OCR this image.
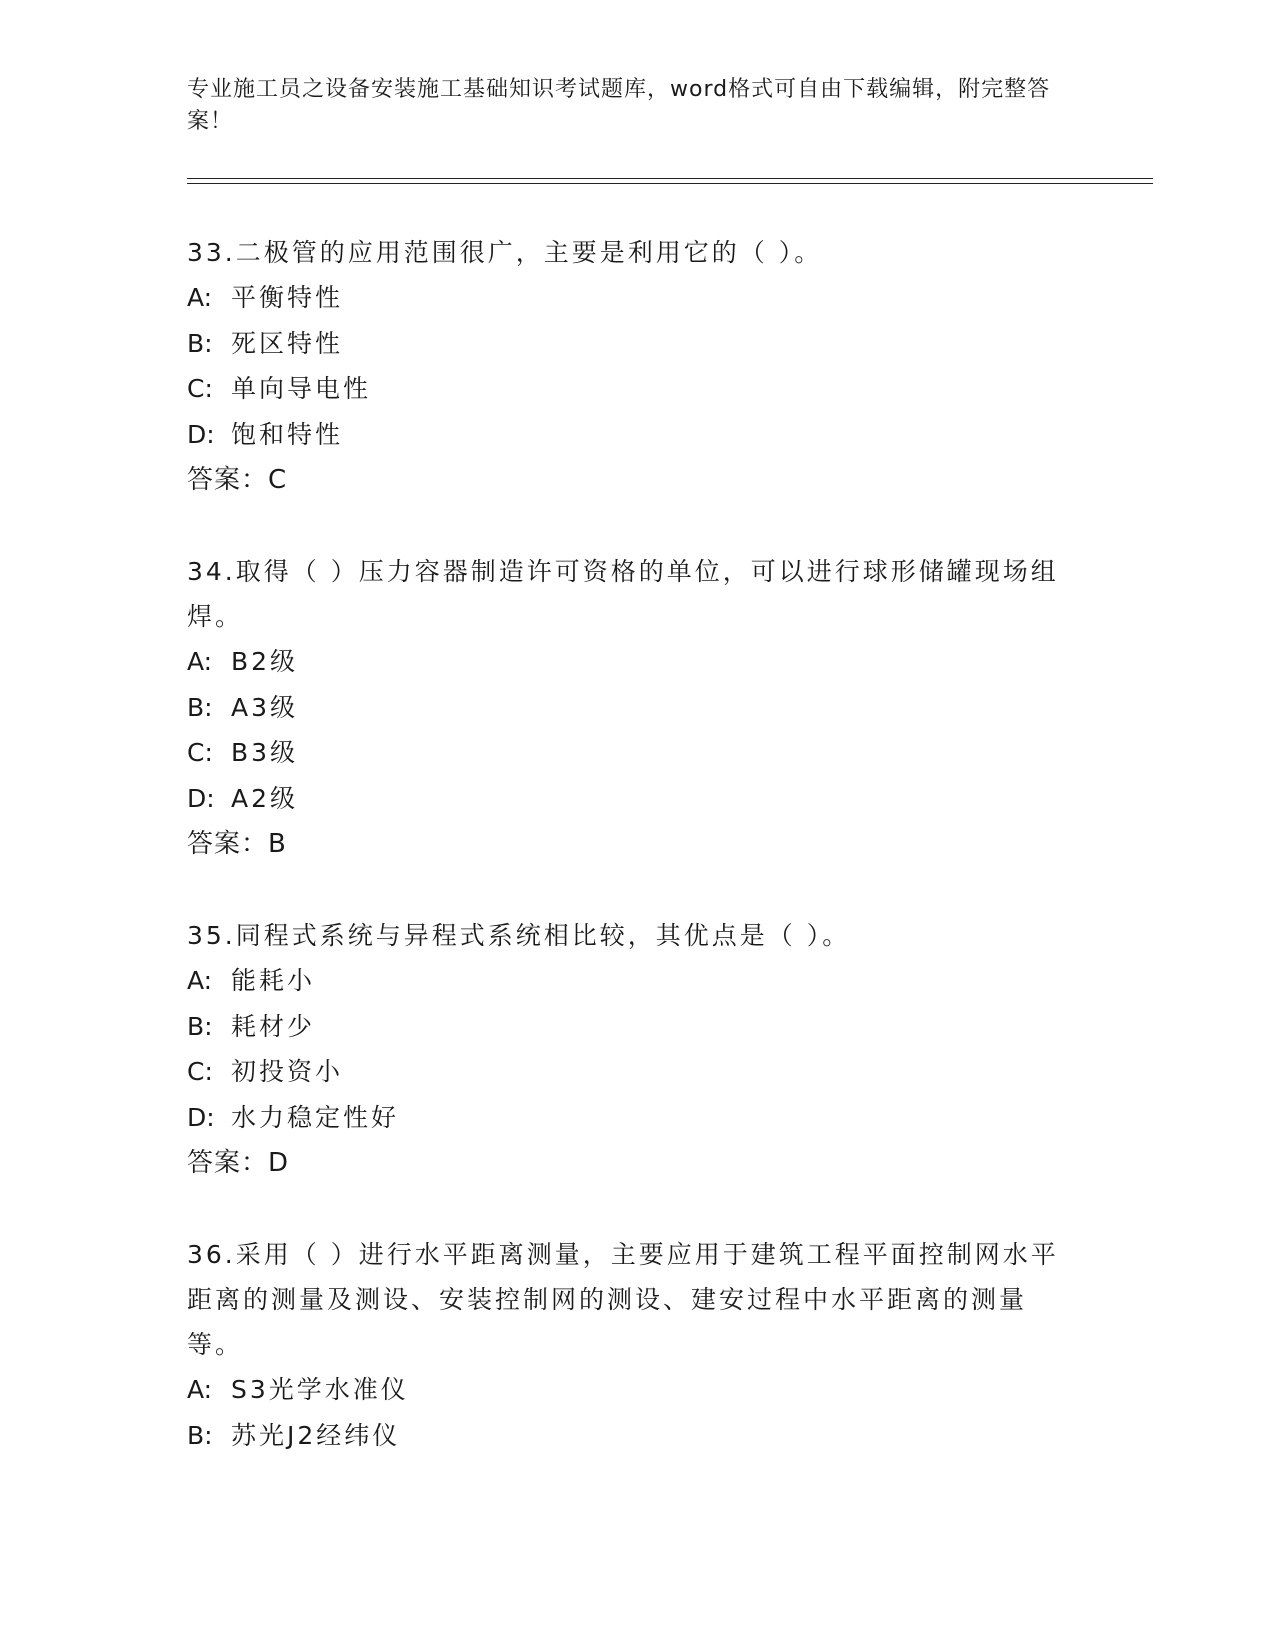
专业施工员之设备安装施工基础知识考试题库，word格式可自由下载编辑，附完整答案！

33.二极管的应用范围很广，主要是利用它的（ ）。

A: 平衡特性

B: 死区特性

C: 单向导电性

D: 饱和特性

答案：C

34.取得（ ）压力容器制造许可资格的单位，可以进行球形储罐现场组焊。

A: B2级

B: A3级

C: B3级

D: A2级

答案：B

35.同程式系统与异程式系统相比较，其优点是（ ）。

A: 能耗小

B: 耗材少

C: 初投资小

D: 水力稳定性好

答案：D

36.采用（ ）进行水平距离测量，主要应用于建筑工程平面控制网水平距离的测量及测设、安装控制网的测设、建安过程中水平距离的测量等。

A: S3光学水准仪

B: 苏光J2经纬仪
